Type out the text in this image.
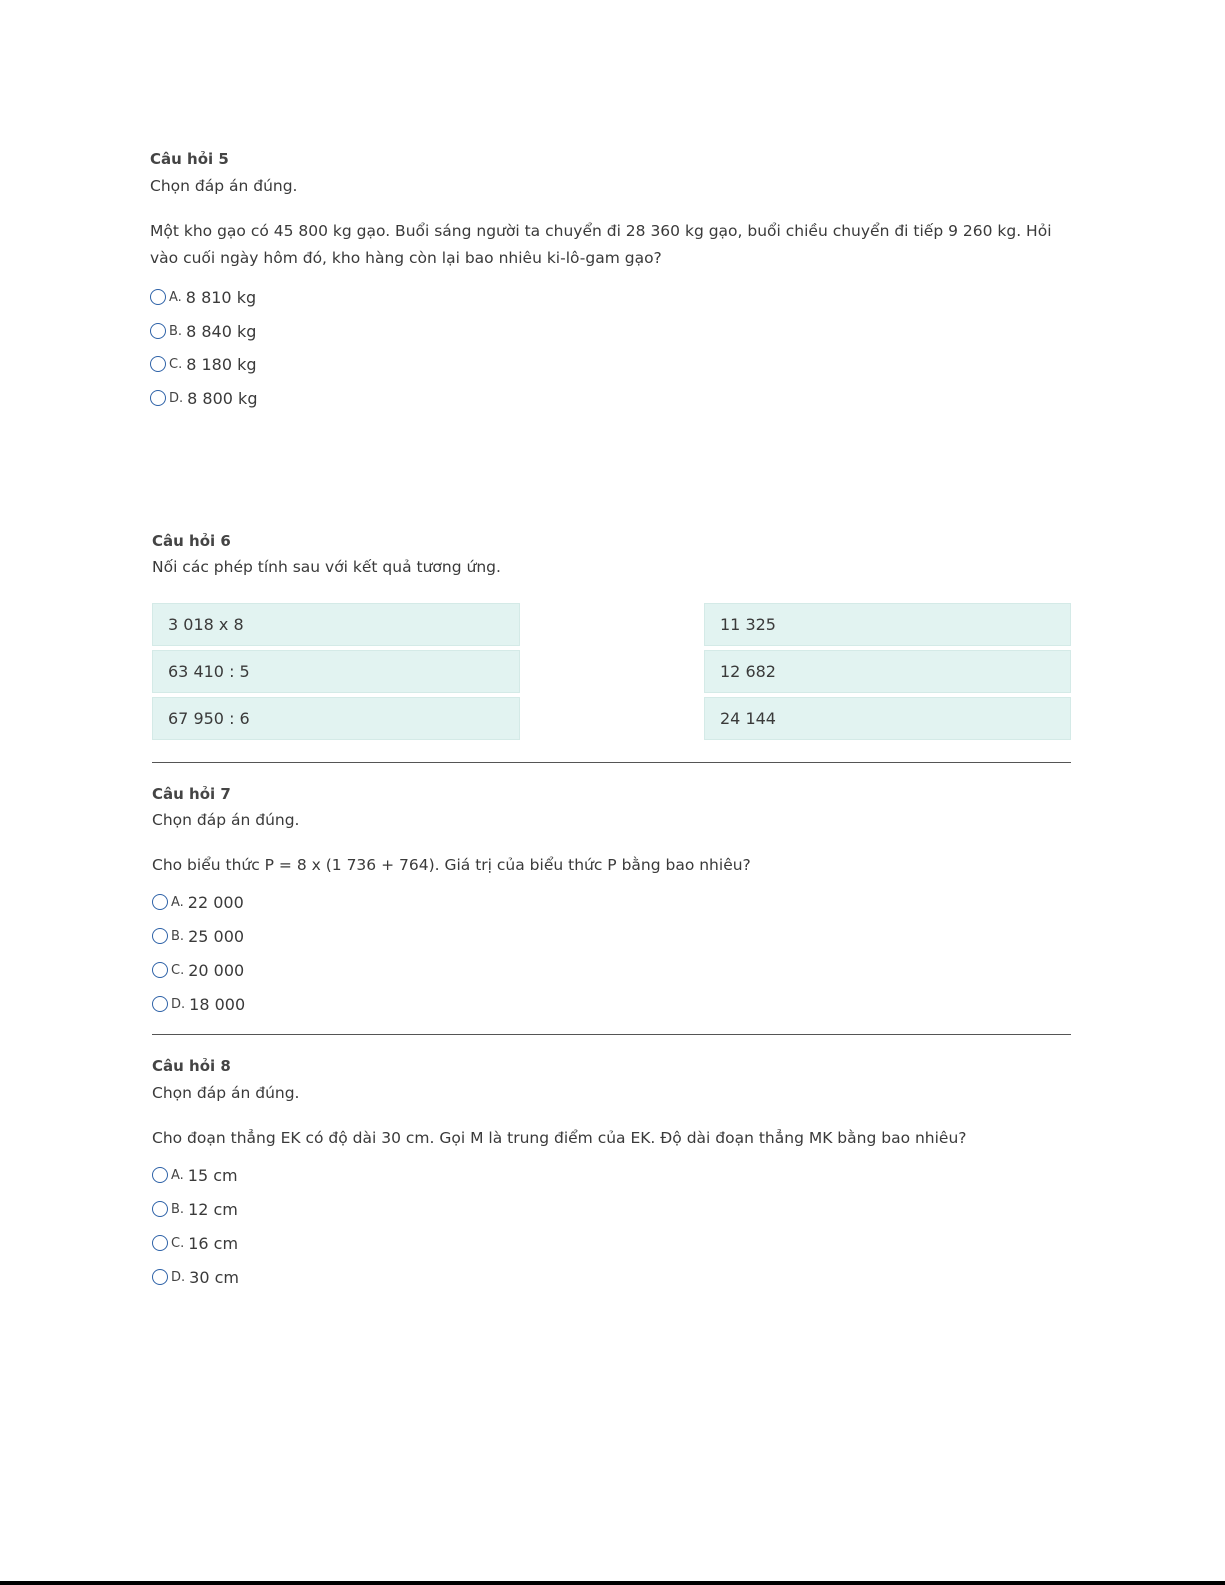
Câu hỏi 5
Chọn đáp án đúng.
Một kho gạo có 45 800 kg gạo. Buổi sáng người ta chuyển đi 28 360 kg gạo, buổi chiều chuyển đi tiếp 9 260 kg. Hỏi
vào cuối ngày hôm đó, kho hàng còn lại bao nhiêu ki-lô-gam gạo?
A. 8 810 kg
B. 8 840 kg
C. 8 180 kg
D. 8 800 kg
Câu hỏi 6
Nối các phép tính sau với kết quả tương ứng.
3 018 x 8
63 410 : 5
67 950 : 6
11 325
12 682
24 144
Câu hỏi 7
Chọn đáp án đúng.
Cho biểu thức P = 8 x (1 736 + 764). Giá trị của biểu thức P bằng bao nhiêu?
A. 22 000
B. 25 000
C. 20 000
D. 18 000
Câu hỏi 8
Chọn đáp án đúng.
Cho đoạn thẳng EK có độ dài 30 cm. Gọi M là trung điểm của EK. Độ dài đoạn thẳng MK bằng bao nhiêu?
A. 15 cm
B. 12 cm
C. 16 cm
D. 30 cm
